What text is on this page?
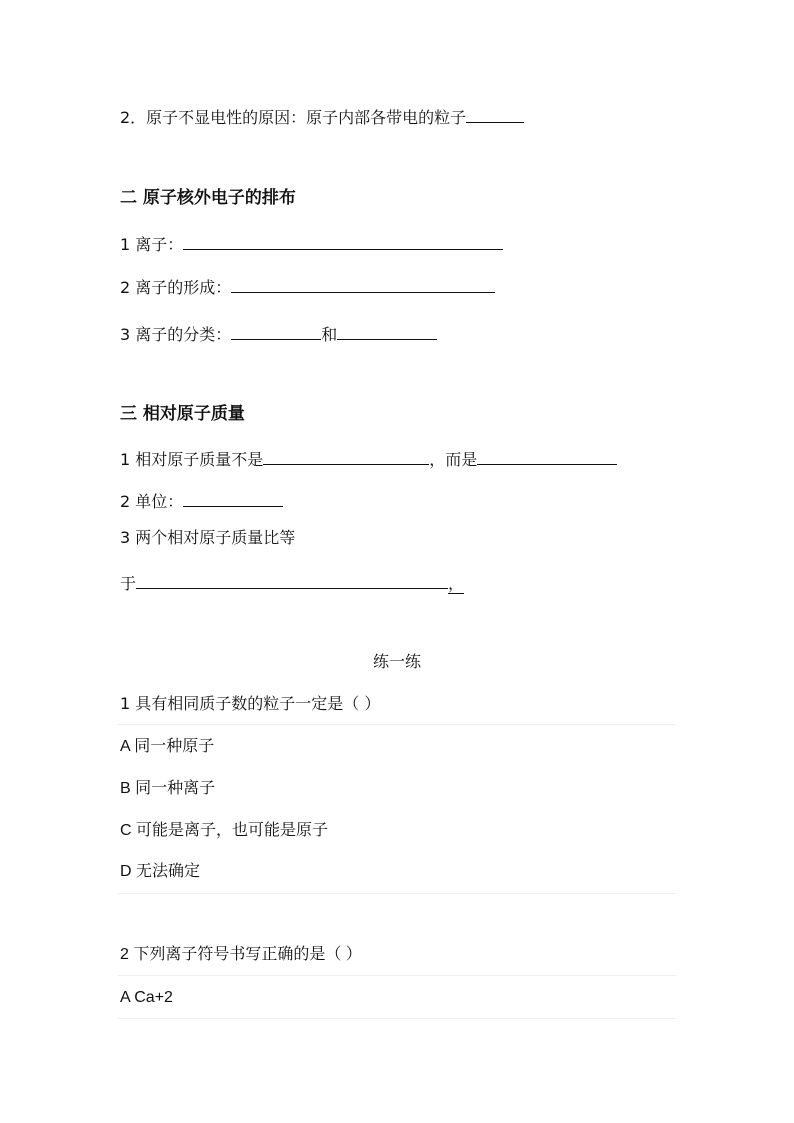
2．原子不显电性的原因：原子内部各带电的粒子
二 原子核外电子的排布
1 离子：
2 离子的形成：
3 离子的分类：	和
三 相对原子质量
1 相对原子质量不是	，而是
2 单位：
3 两个相对原子质量比等
于	，
练一练
1 具有相同质子数的粒子一定是（ ）
A 同一种原子
B 同一种离子
C 可能是离子，也可能是原子
D 无法确定
2 下列离子符号书写正确的是（ ）
A Ca+2
